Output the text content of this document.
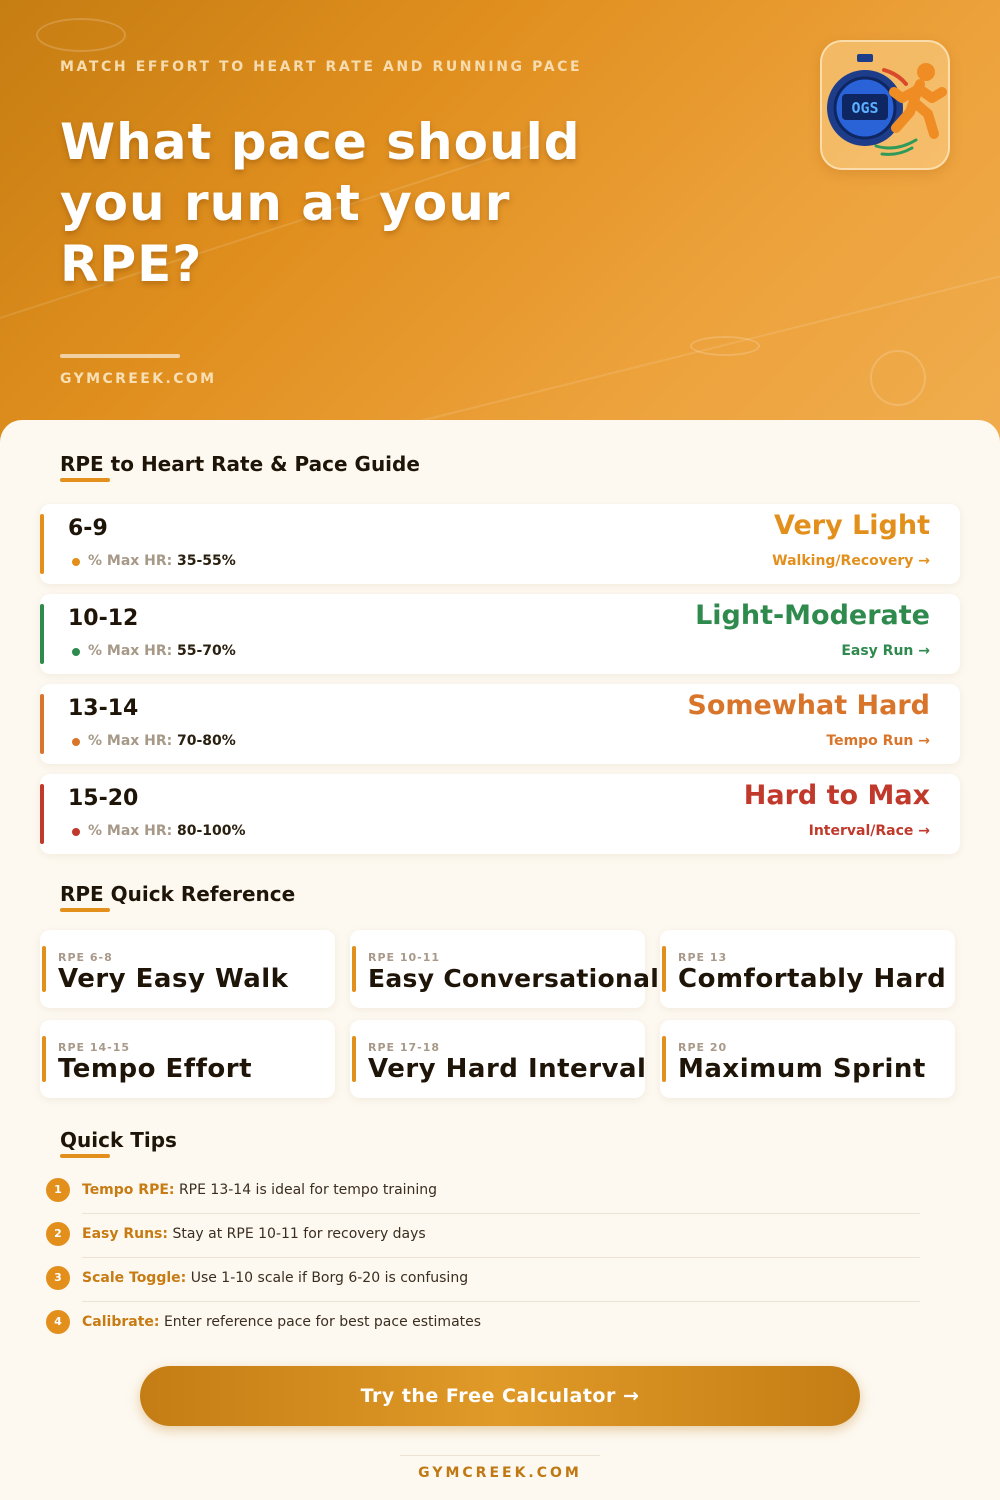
MATCH EFFORT TO HEART RATE AND RUNNING PACE
What pace should you run at your RPE?
GYMCREEK.COM
OGS
RPE to Heart Rate & Pace Guide
6-9
% Max HR: 35-55%
Very Light
Walking/Recovery →
10-12
% Max HR: 55-70%
Light-Moderate
Easy Run →
13-14
% Max HR: 70-80%
Somewhat Hard
Tempo Run →
15-20
% Max HR: 80-100%
Hard to Max
Interval/Race →
RPE Quick Reference
RPE 6-8
Very Easy Walk
RPE 10-11
Easy Conversational
RPE 13
Comfortably Hard
RPE 14-15
Tempo Effort
RPE 17-18
Very Hard Interval
RPE 20
Maximum Sprint
Quick Tips
1	Tempo RPE: RPE 13-14 is ideal for tempo training
2	Easy Runs: Stay at RPE 10-11 for recovery days
3	Scale Toggle: Use 1-10 scale if Borg 6-20 is confusing
4	Calibrate: Enter reference pace for best pace estimates
Try the Free Calculator →
GYMCREEK.COM
